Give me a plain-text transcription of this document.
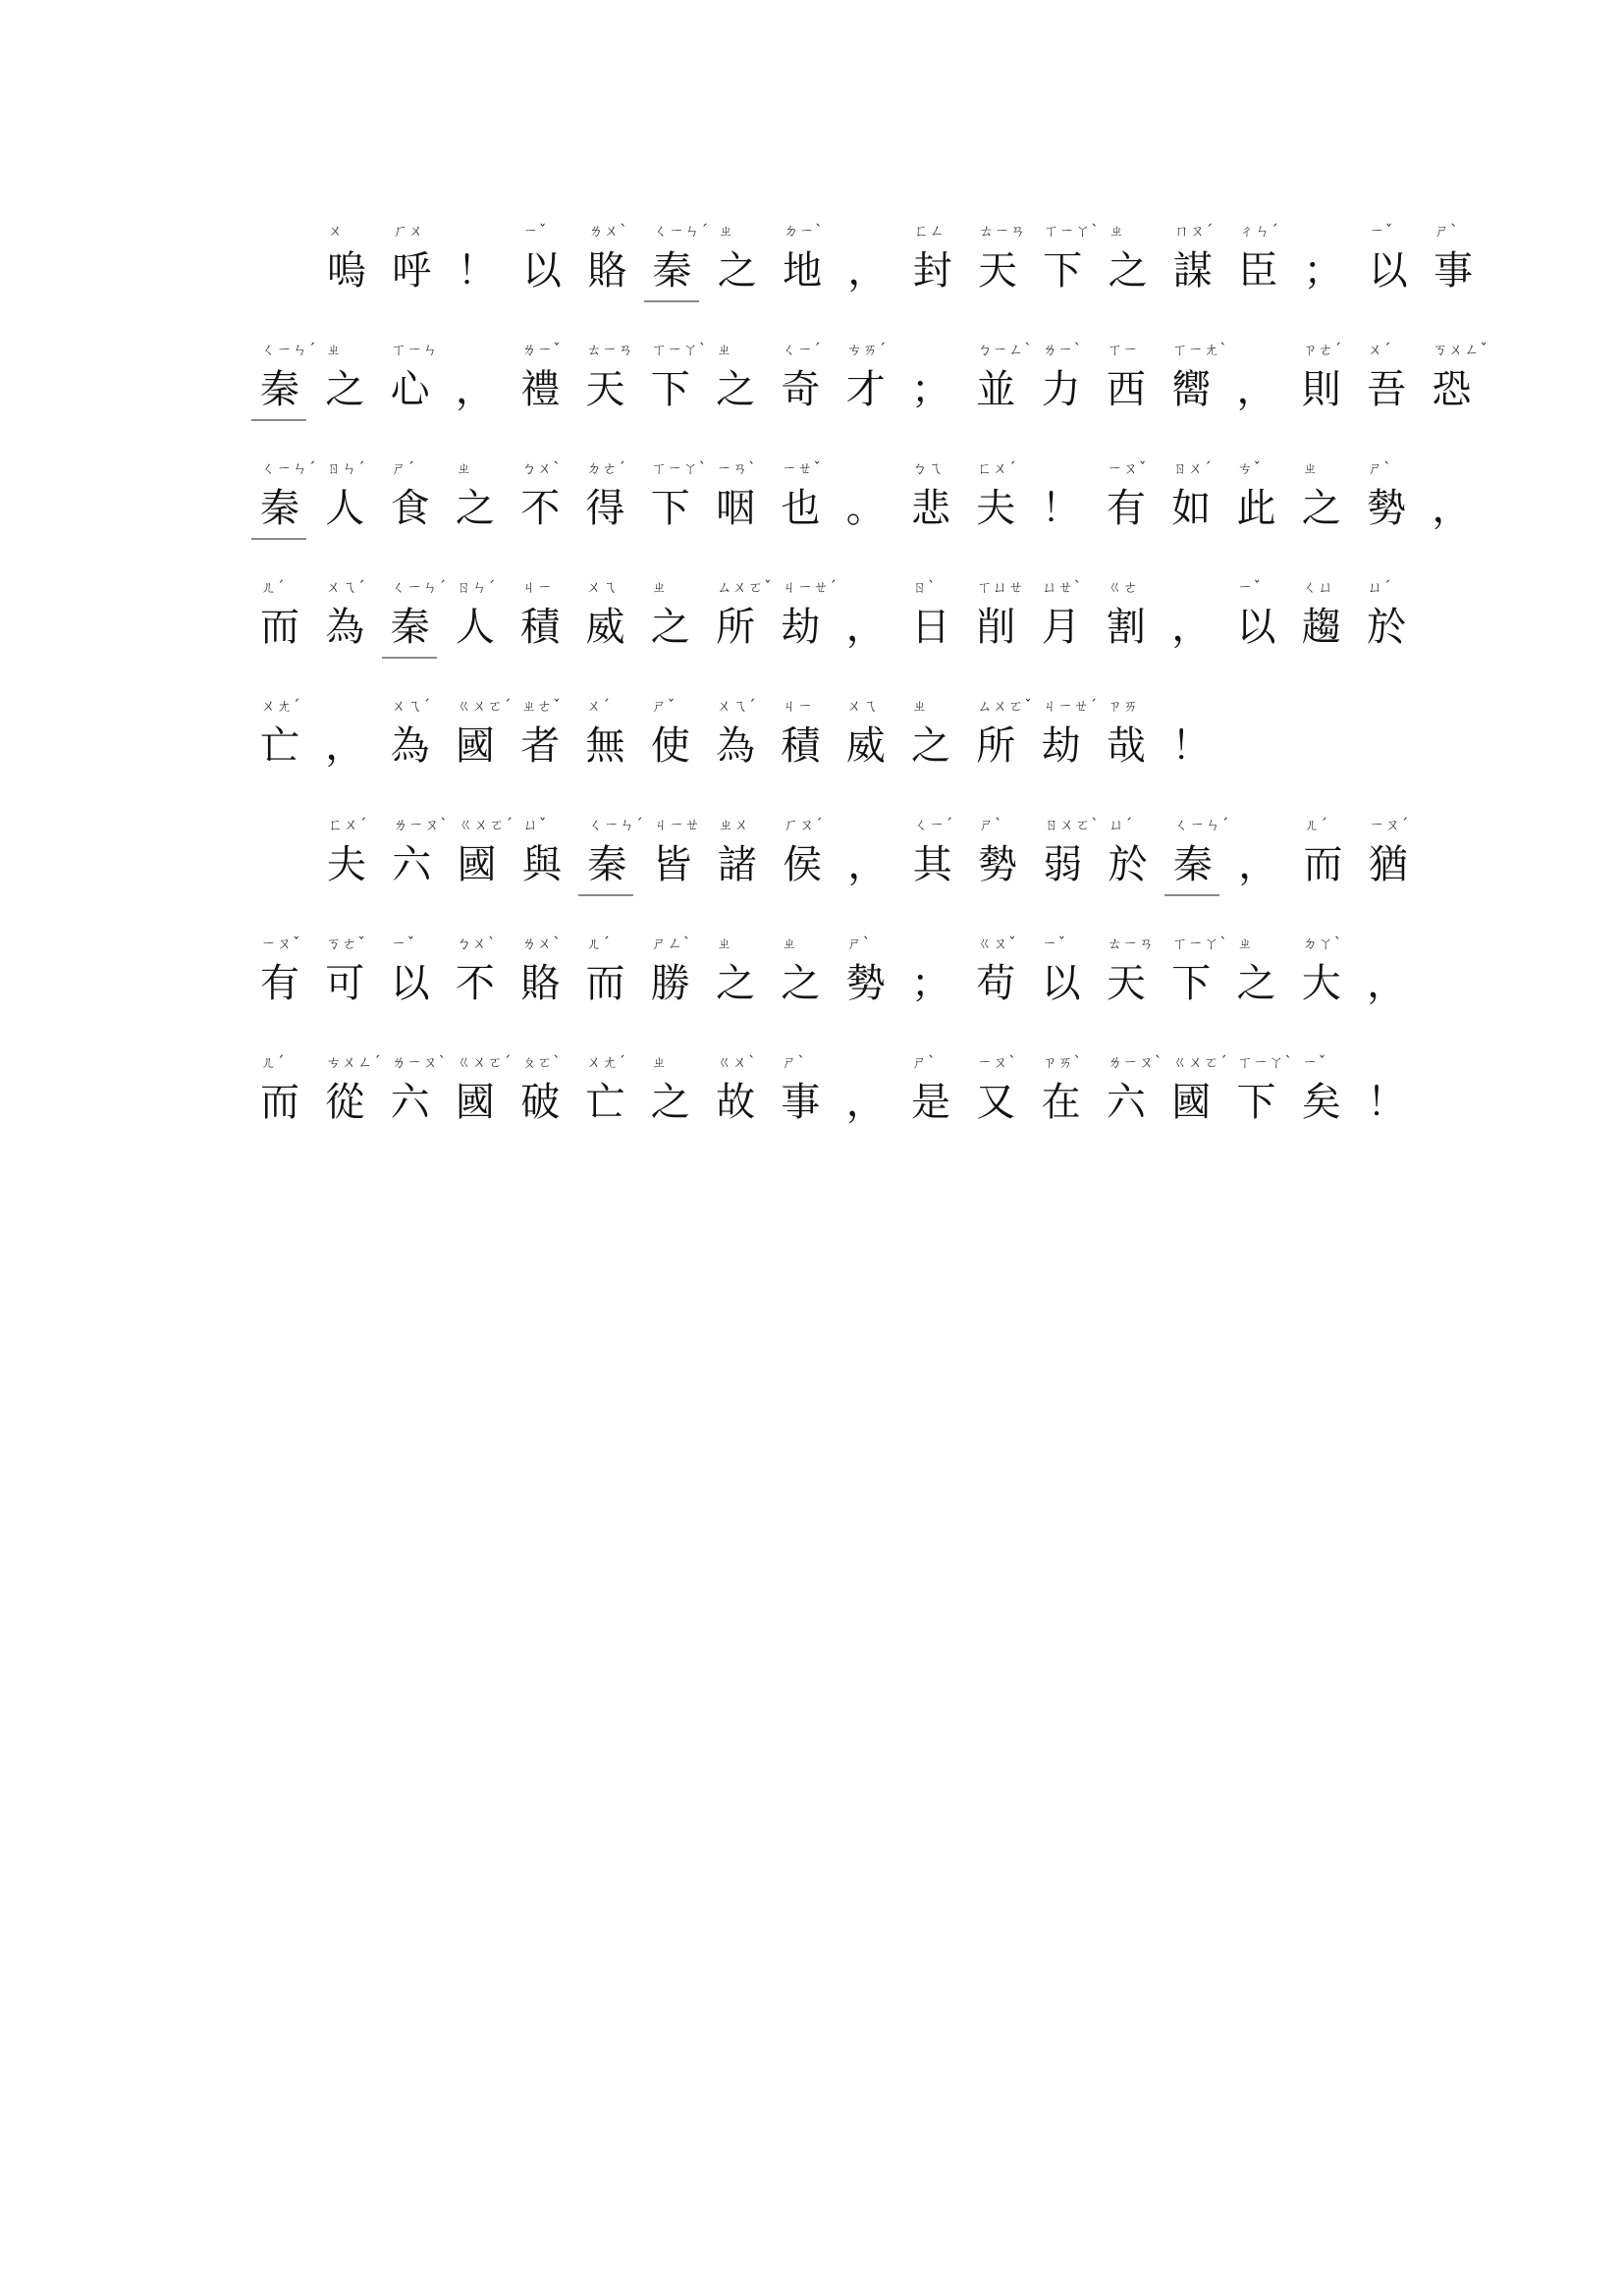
ㄨ
嗚
ㄏㄨ
呼 ！
ㄧˇ
以
ㄌㄨˋ
賂
ㄑㄧㄣˊ
秦
ㄓ
之
ㄉㄧˋ
地 ，
ㄈㄥ
封
ㄊㄧㄢ
天
ㄒㄧㄚˋ
下
ㄓ
之
ㄇㄡˊ
謀
ㄔㄣˊ
臣 ；
ㄧˇ
以
ㄕˋ
事
ㄑㄧㄣˊ
秦
ㄓ
之
ㄒㄧㄣ
心 ，
ㄌㄧˇ
禮
ㄊㄧㄢ
天
ㄒㄧㄚˋ
下
ㄓ
之
ㄑㄧˊ
奇
ㄘㄞˊ
才 ；
ㄅㄧㄥˋ
並
ㄌㄧˋ
力
ㄒㄧ
西
ㄒㄧㄤˋ
嚮 ，
ㄗㄜˊ
則
ㄨˊ
吾
ㄎㄨㄥˇ
恐
ㄑㄧㄣˊ
秦
ㄖㄣˊ
人
ㄕˊ
食
ㄓ
之
ㄅㄨˋ
不
ㄉㄜˊ
得
ㄒㄧㄚˋ
下
ㄧㄢˋ
咽
ㄧㄝˇ
也 。
ㄅㄟ
悲
ㄈㄨˊ
夫 ！
ㄧㄡˇ
有
ㄖㄨˊ
如
ㄘˇ
此
ㄓ
之
ㄕˋ
勢 ，
ㄦˊ
而
ㄨㄟˊ
為
ㄑㄧㄣˊ
秦
ㄖㄣˊ
人
ㄐㄧ
積
ㄨㄟ
威
ㄓ
之
ㄙㄨㄛˇ
所
ㄐㄧㄝˊ
劫 ，
ㄖˋ
日
ㄒㄩㄝ
削
ㄩㄝˋ
月
ㄍㄜ
割 ，
ㄧˇ
以
ㄑㄩ
趨
ㄩˊ
於
ㄨㄤˊ
亡 ，
ㄨㄟˊ
為
ㄍㄨㄛˊ
國
ㄓㄜˇ
者
ㄨˊ
無
ㄕˇ
使
ㄨㄟˊ
為
ㄐㄧ
積
ㄨㄟ
威
ㄓ
之
ㄙㄨㄛˇ
所
ㄐㄧㄝˊ
劫
ㄗㄞ
哉 ！
ㄈㄨˊ
夫
ㄌㄧㄡˋ
六
ㄍㄨㄛˊ
國
ㄩˇ
與
ㄑㄧㄣˊ
秦
ㄐㄧㄝ
皆
ㄓㄨ
諸
ㄏㄡˊ
侯 ，
ㄑㄧˊ
其
ㄕˋ
勢
ㄖㄨㄛˋ
弱
ㄩˊ
於
ㄑㄧㄣˊ
秦 ，
ㄦˊ
而
ㄧㄡˊ
猶
ㄧㄡˇ
有
ㄎㄜˇ
可
ㄧˇ
以
ㄅㄨˋ
不
ㄌㄨˋ
賂
ㄦˊ
而
ㄕㄥˋ
勝
ㄓ
之
ㄓ
之
ㄕˋ
勢 ；
ㄍㄡˇ
苟
ㄧˇ
以
ㄊㄧㄢ
天
ㄒㄧㄚˋ
下
ㄓ
之
ㄉㄚˋ
大 ，
ㄦˊ
而
ㄘㄨㄥˊ
從
ㄌㄧㄡˋ
六
ㄍㄨㄛˊ
國
ㄆㄛˋ
破
ㄨㄤˊ
亡
ㄓ
之
ㄍㄨˋ
故
ㄕˋ
事 ，
ㄕˋ
是
ㄧㄡˋ
又
ㄗㄞˋ
在
ㄌㄧㄡˋ
六
ㄍㄨㄛˊ
國
ㄒㄧㄚˋ
下
ㄧˇ
矣 ！
